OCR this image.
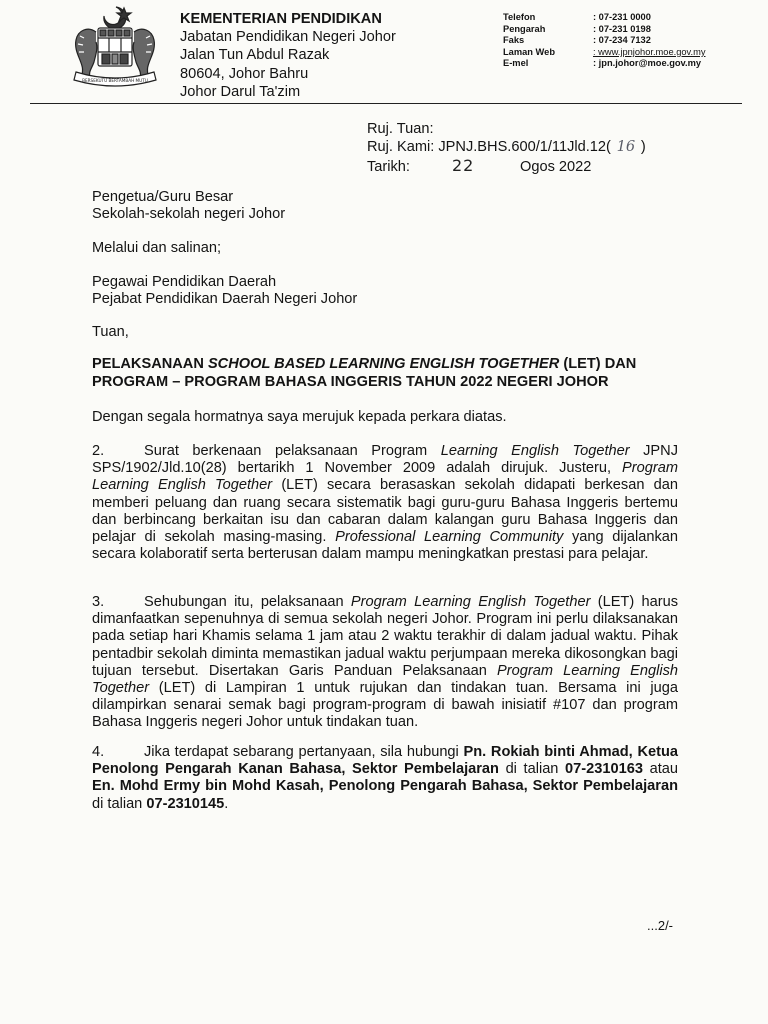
BERSEKUTU BERTAMBAH MUTU
KEMENTERIAN PENDIDIKAN
Jabatan Pendidikan Negeri Johor
Jalan Tun Abdul Razak
80604, Johor Bahru
Johor Darul Ta'zim
Telefon	: 07-231 0000
Pengarah	: 07-231 0198
Faks	: 07-234 7132
Laman Web	: www.jpnjohor.moe.gov.my
E-mel	: jpn.johor@moe.gov.my
Ruj. Tuan:
Ruj. Kami: JPNJ.BHS.600/1/11Jld.12( 16 )
Tarikh:	22	Ogos 2022
Pengetua/Guru Besar
Sekolah-sekolah negeri Johor
Melalui dan salinan;
Pegawai Pendidikan Daerah
Pejabat Pendidikan Daerah Negeri Johor
Tuan,
PELAKSANAAN SCHOOL BASED LEARNING ENGLISH TOGETHER (LET) DAN PROGRAM – PROGRAM BAHASA INGGERIS TAHUN 2022 NEGERI JOHOR
Dengan segala hormatnya saya merujuk kepada perkara diatas.

2.	Surat berkenaan pelaksanaan Program Learning English Together JPNJ SPS/1902/Jld.10(28) bertarikh 1 November 2009 adalah dirujuk. Justeru, Program Learning English Together (LET) secara berasaskan sekolah didapati berkesan dan memberi peluang dan ruang secara sistematik bagi guru-guru Bahasa Inggeris bertemu dan berbincang berkaitan isu dan cabaran dalam kalangan guru Bahasa Inggeris dan pelajar di sekolah masing-masing. Professional Learning Community yang dijalankan secara kolaboratif serta berterusan dalam mampu meningkatkan prestasi para pelajar.

3.	Sehubungan itu, pelaksanaan Program Learning English Together (LET) harus dimanfaatkan sepenuhnya di semua sekolah negeri Johor. Program ini perlu dilaksanakan pada setiap hari Khamis selama 1 jam atau 2 waktu terakhir di dalam jadual waktu. Pihak pentadbir sekolah diminta memastikan jadual waktu perjumpaan mereka dikosongkan bagi tujuan tersebut. Disertakan Garis Panduan Pelaksanaan Program Learning English Together (LET) di Lampiran 1 untuk rujukan dan tindakan tuan. Bersama ini juga dilampirkan senarai semak bagi program-program di bawah inisiatif #107 dan program Bahasa Inggeris negeri Johor untuk tindakan tuan.

4.	Jika terdapat sebarang pertanyaan, sila hubungi Pn. Rokiah binti Ahmad, Ketua Penolong Pengarah Kanan Bahasa, Sektor Pembelajaran di talian 07-2310163 atau En. Mohd Ermy bin Mohd Kasah, Penolong Pengarah Bahasa, Sektor Pembelajaran di talian 07-2310145.

...2/-
